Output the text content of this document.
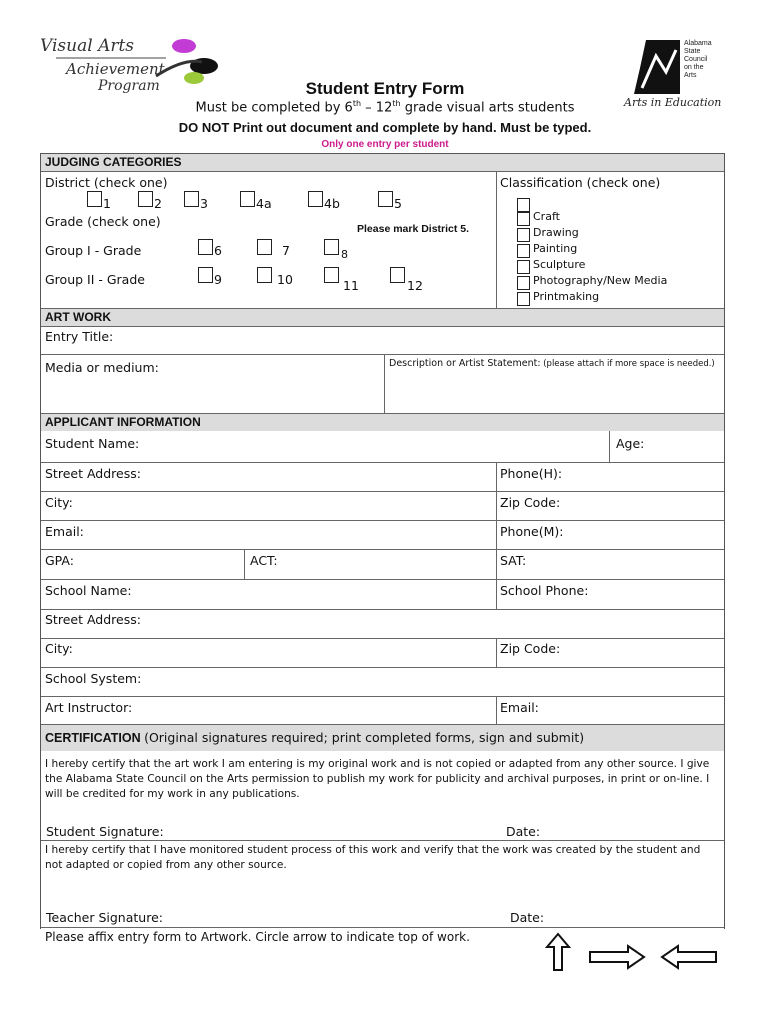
Visual Arts
Achievement
Program
Alabama
State
Council
on the
Arts
Arts in Education
Student Entry Form
Must be completed by 6th – 12th grade visual arts students
DO NOT Print out document and complete by hand. Must be typed.
Only one entry per student
JUDGING CATEGORIES
District (check one)
1	2	3	4a	4b	5
Grade (check one)	Please mark District 5.
Group I - Grade	6	7	8
Group II - Grade	9	10	11	12
Classification (check one)
Craft
Drawing
Painting
Sculpture
Photography/New Media
Printmaking
ART WORK
Entry Title:
Media or medium:	Description or Artist Statement: (please attach if more space is needed.)
APPLICANT INFORMATION
Student Name:	Age:
Street Address:	Phone(H):
City:	Zip Code:
Email:	Phone(M):
GPA:	ACT:	SAT:
School Name:	School Phone:
Street Address:
City:	Zip Code:
School System:
Art Instructor:	Email:
CERTIFICATION (Original signatures required; print completed forms, sign and submit)
I hereby certify that the art work I am entering is my original work and is not copied or adapted from any other source. I give the Alabama State Council on the Arts permission to publish my work for publicity and archival purposes, in print or on-line. I will be credited for my work in any publications.
Student Signature:	Date:
I hereby certify that I have monitored student process of this work and verify that the work was created by the student and not adapted or copied from any other source.
Teacher Signature:	Date:
Please affix entry form to Artwork. Circle arrow to indicate top of work.
